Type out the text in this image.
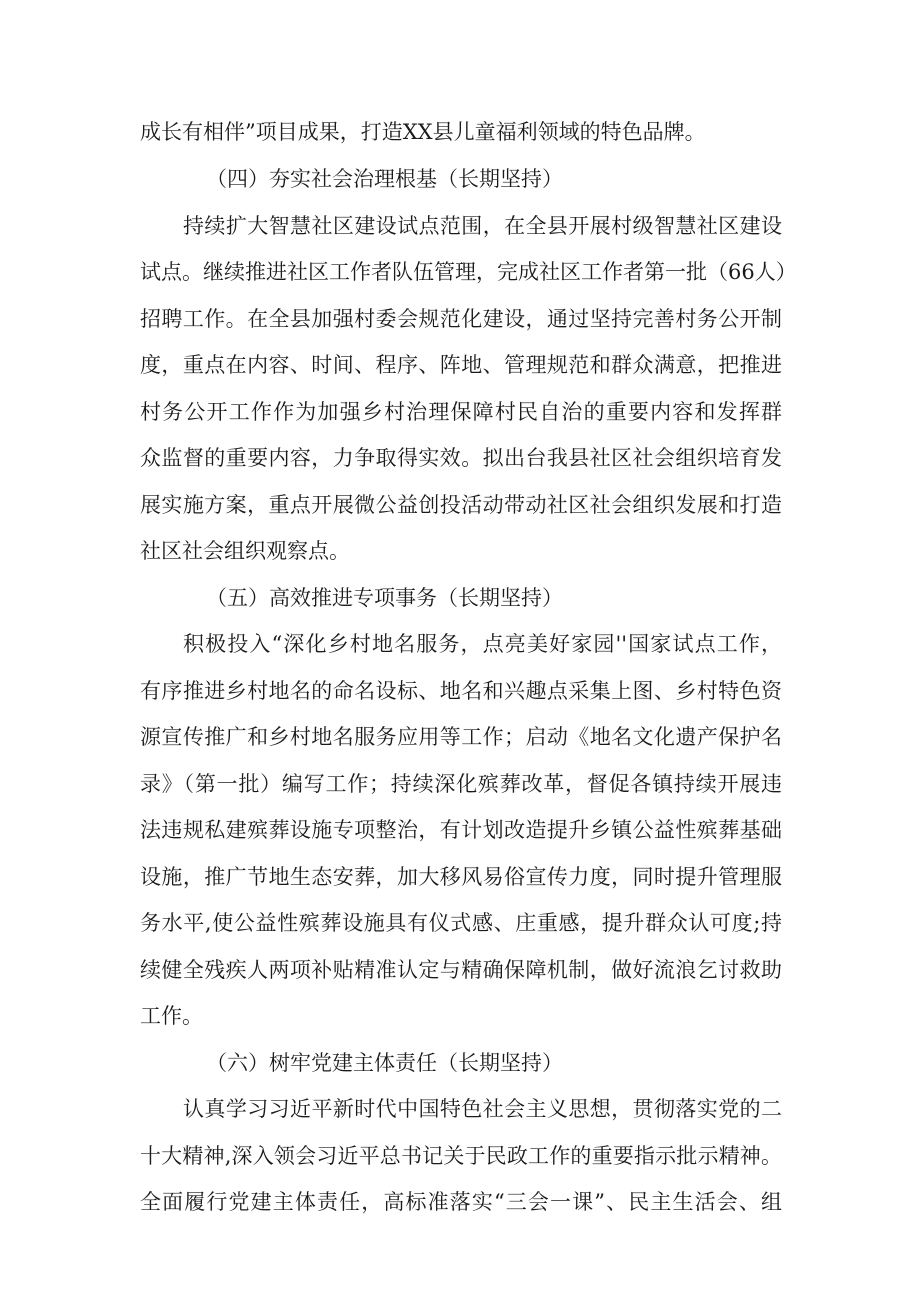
成长有相伴”项目成果，打造XX县儿童福利领域的特色品牌。
（四）夯实社会治理根基（长期坚持）
持续扩大智慧社区建设试点范围，在全县开展村级智慧社区建设
试点。继续推进社区工作者队伍管理，完成社区工作者第一批（66人）
招聘工作。在全县加强村委会规范化建设，通过坚持完善村务公开制
度，重点在内容、时间、程序、阵地、管理规范和群众满意，把推进
村务公开工作作为加强乡村治理保障村民自治的重要内容和发挥群
众监督的重要内容，力争取得实效。拟出台我县社区社会组织培育发
展实施方案，重点开展微公益创投活动带动社区社会组织发展和打造
社区社会组织观察点。
（五）高效推进专项事务（长期坚持）
积极投入“深化乡村地名服务，点亮美好家园''国家试点工作，
有序推进乡村地名的命名设标、地名和兴趣点采集上图、乡村特色资
源宣传推广和乡村地名服务应用等工作；启动《地名文化遗产保护名
录》（第一批）编写工作；持续深化殡葬改革，督促各镇持续开展违
法违规私建殡葬设施专项整治，有计划改造提升乡镇公益性殡葬基础
设施，推广节地生态安葬，加大移风易俗宣传力度，同时提升管理服
务水平,使公益性殡葬设施具有仪式感、庄重感，提升群众认可度;持
续健全残疾人两项补贴精准认定与精确保障机制，做好流浪乞讨救助
工作。
（六）树牢党建主体责任（长期坚持）
认真学习习近平新时代中国特色社会主义思想，贯彻落实党的二
十大精神,深入领会习近平总书记关于民政工作的重要指示批示精神。
全面履行党建主体责任，高标准落实“三会一课”、民主生活会、组
